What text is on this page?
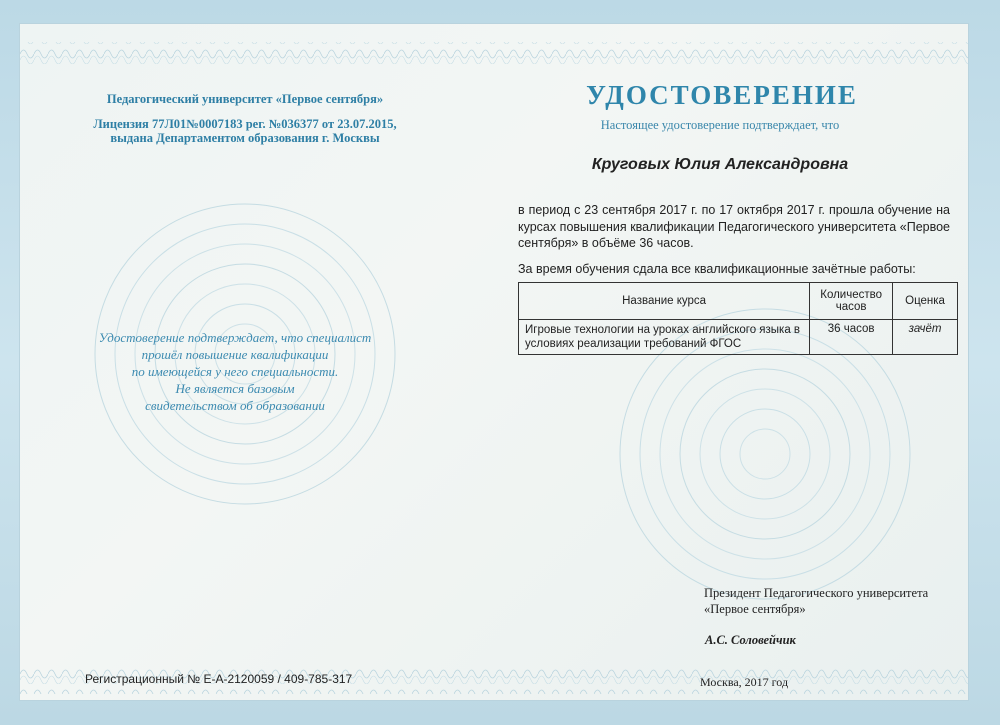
Педагогический университет «Первое сентября»
Лицензия 77Л01№0007183 рег. №036377 от 23.07.2015,
выдана Департаментом образования г. Москвы
Удостоверение подтверждает, что специалист
прошёл повышение квалификации
по имеющейся у него специальности.
Не является базовым
свидетельством об образовании
УДОСТОВЕРЕНИЕ
Настоящее удостоверение подтверждает, что
Круговых Юлия Александровна
в период с 23 сентября 2017 г. по 17 октября 2017 г. прошла обучение на курсах повышения квалификации Педагогического университета «Первое сентября» в объёме 36 часов.
За время обучения сдала все квалификационные зачётные работы:
Название курса	Количество часов	Оценка
Игровые технологии на уроках английского языка в условиях реализации требований ФГОС	36 часов	зачёт
Президент Педагогического университета
«Первое сентября»
А.С. Соловейчик
Регистрационный № Е-А-2120059 / 409-785-317	Москва, 2017 год
